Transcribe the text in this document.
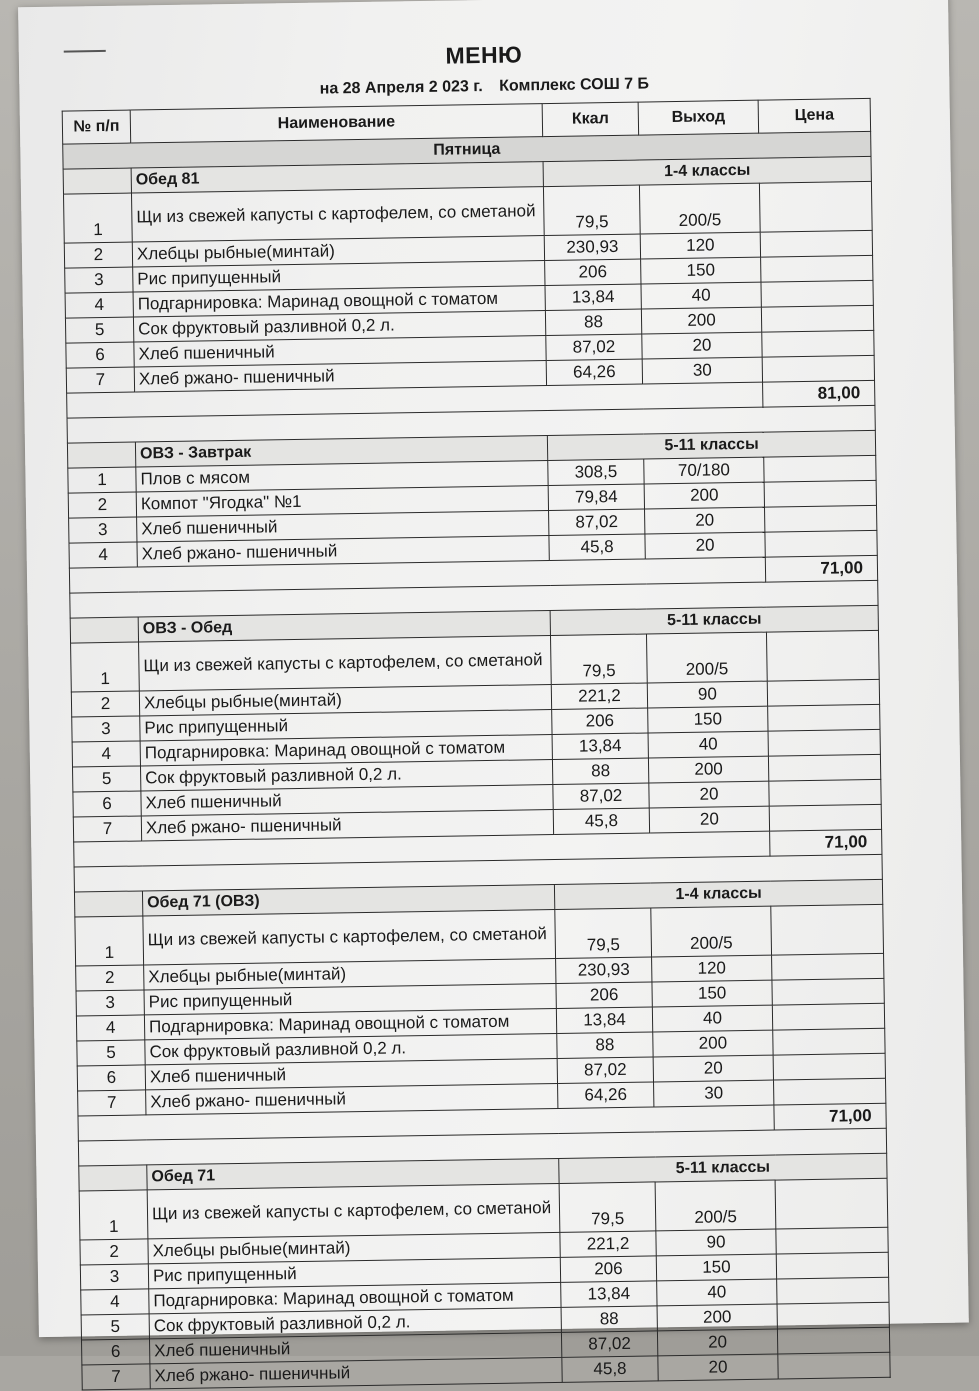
МЕНЮ
на 28 Апреля 2 023 г. Комплекс СОШ 7 Б
№ п/п	Наименование	Ккал	Выход	Цена
Пятница				
	Обед 81	1-4 классы		
1	Щи из свежей капусты с картофелем, со сметаной	79,5	200/5	
2	Хлебцы рыбные(минтай)	230,93	120	
3	Рис припущенный	206	150	
4	Подгарнировка: Маринад овощной с томатом	13,84	40	
5	Сок фруктовый разливной 0,2 л.	88	200	
6	Хлеб пшеничный	87,02	20	
7	Хлеб ржано- пшеничный	64,26	30	
				81,00

	ОВЗ - Завтрак	5-11 классы		
1	Плов с мясом	308,5	70/180	
2	Компот "Ягодка" №1	79,84	200	
3	Хлеб пшеничный	87,02	20	
4	Хлеб ржано- пшеничный	45,8	20	
				71,00

	ОВЗ - Обед	5-11 классы		
1	Щи из свежей капусты с картофелем, со сметаной	79,5	200/5	
2	Хлебцы рыбные(минтай)	221,2	90	
3	Рис припущенный	206	150	
4	Подгарнировка: Маринад овощной с томатом	13,84	40	
5	Сок фруктовый разливной 0,2 л.	88	200	
6	Хлеб пшеничный	87,02	20	
7	Хлеб ржано- пшеничный	45,8	20	
				71,00

	Обед 71 (ОВЗ)	1-4 классы		
1	Щи из свежей капусты с картофелем, со сметаной	79,5	200/5	
2	Хлебцы рыбные(минтай)	230,93	120	
3	Рис припущенный	206	150	
4	Подгарнировка: Маринад овощной с томатом	13,84	40	
5	Сок фруктовый разливной 0,2 л.	88	200	
6	Хлеб пшеничный	87,02	20	
7	Хлеб ржано- пшеничный	64,26	30	
				71,00

	Обед 71	5-11 классы		
1	Щи из свежей капусты с картофелем, со сметаной	79,5	200/5	
2	Хлебцы рыбные(минтай)	221,2	90	
3	Рис припущенный	206	150	
4	Подгарнировка: Маринад овощной с томатом	13,84	40	
5	Сок фруктовый разливной 0,2 л.	88	200	
6	Хлеб пшеничный	87,02	20	
7	Хлеб ржано- пшеничный	45,8	20	
